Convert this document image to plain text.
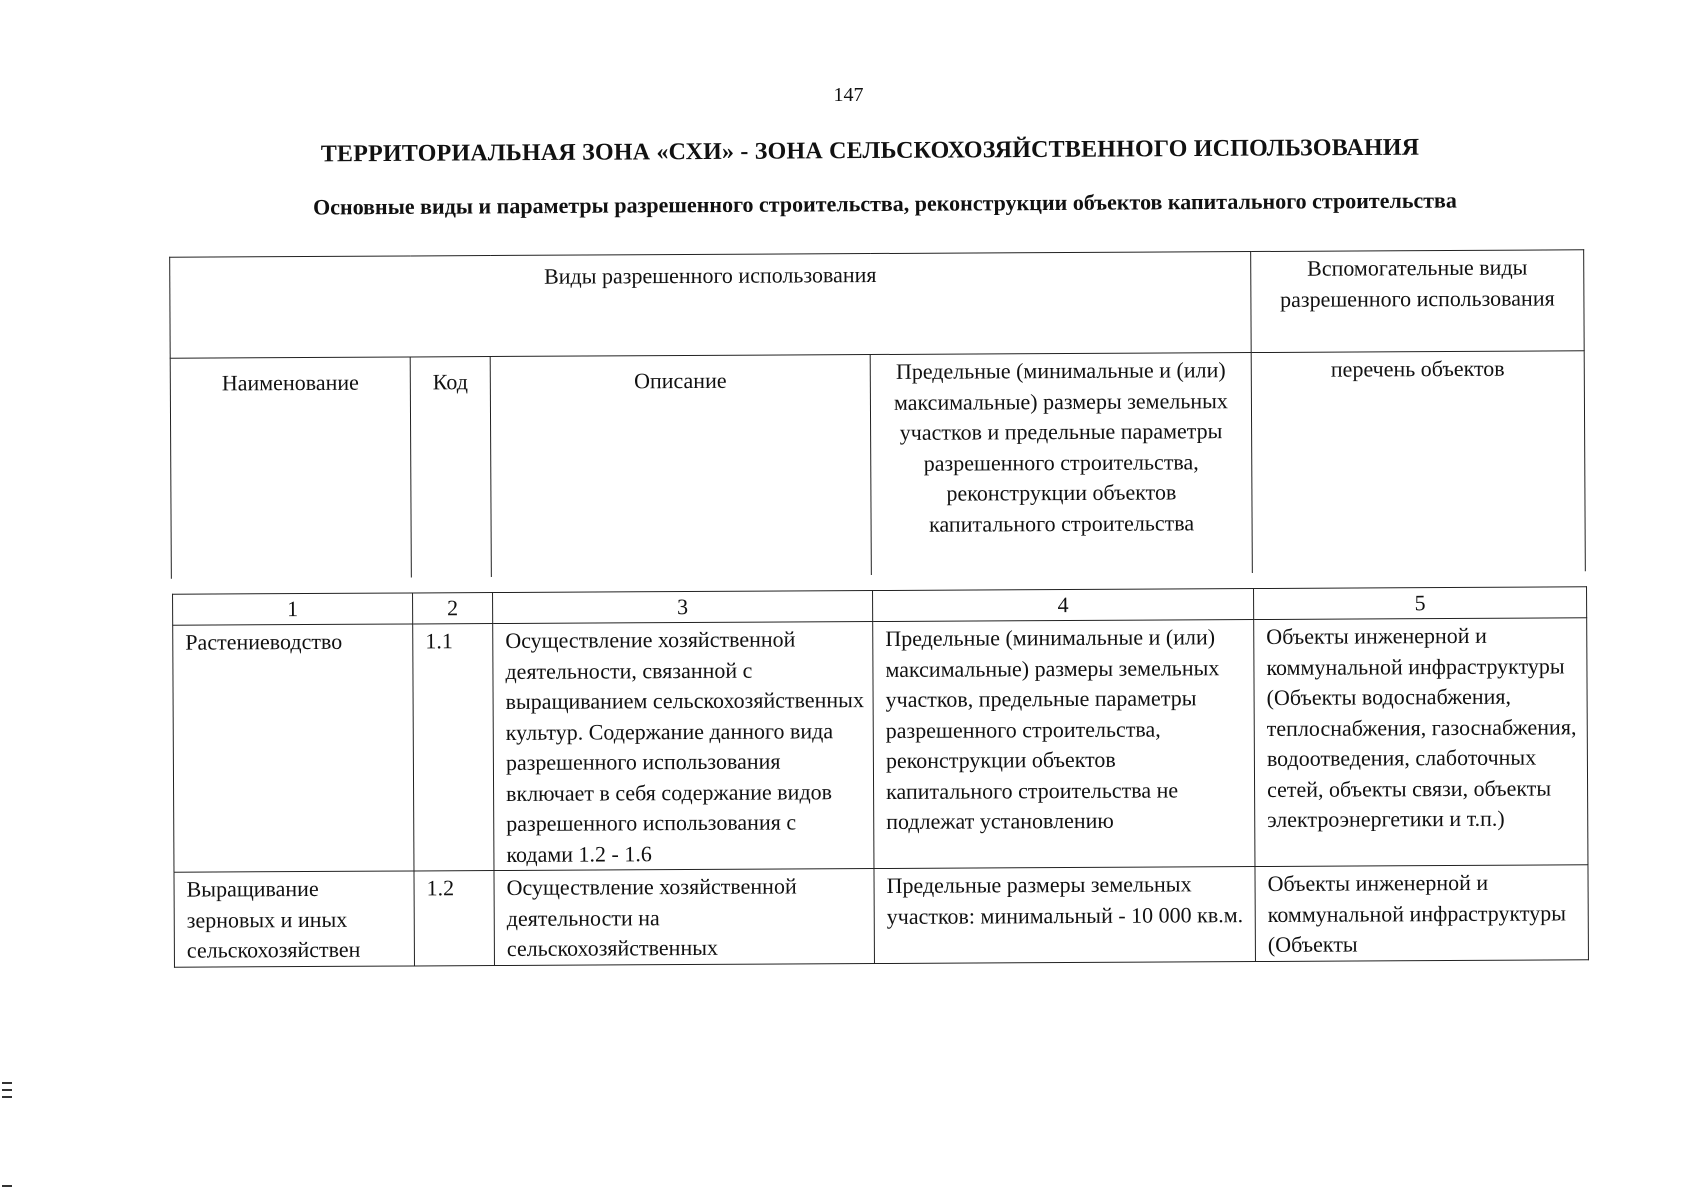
147
ТЕРРИТОРИАЛЬНАЯ ЗОНА «СХИ» - ЗОНА СЕЛЬСКОХОЗЯЙСТВЕННОГО ИСПОЛЬЗОВАНИЯ
Основные виды и параметры разрешенного строительства, реконструкции объектов капитального строительства
Виды разрешенного использования				Вспомогательные виды разрешенного использования
Наименование	Код	Описание	Предельные (минимальные и (или) максимальные) размеры земельных участков и предельные параметры разрешенного строительства, реконструкции объектов капитального строительства	перечень объектов
1	2	3	4	5
Растениеводство	1.1	Осуществление хозяйственной деятельности, связанной с выращиванием сельскохозяйственных культур. Содержание данного вида разрешенного использования включает в себя содержание видов разрешенного использования с кодами 1.2 - 1.6	Предельные (минимальные и (или) максимальные) размеры земельных участков, предельные параметры разрешенного строительства, реконструкции объектов капитального строительства не подлежат установлению	Объекты инженерной и коммунальной инфраструктуры (Объекты водоснабжения, теплоснабжения, газоснабжения, водоотведения, слаботочных сетей, объекты связи, объекты электроэнергетики и т.п.)
Выращивание зерновых и иных сельскохозяйствен	1.2	Осуществление хозяйственной деятельности на сельскохозяйственных	Предельные размеры земельных участков: минимальный - 10 000 кв.м.	Объекты инженерной и коммунальной инфраструктуры (Объекты
